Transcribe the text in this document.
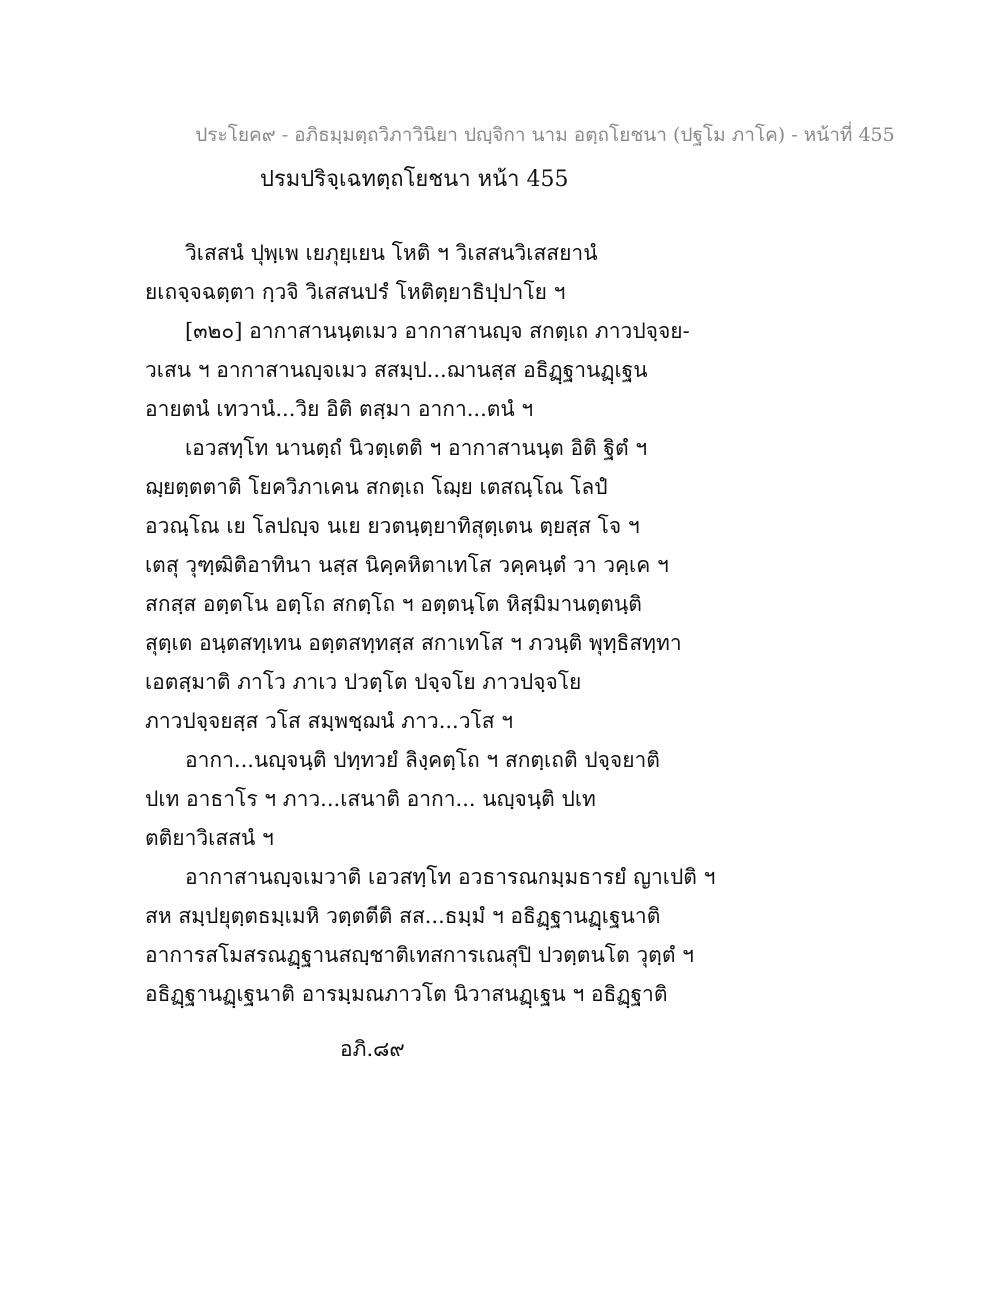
ประโยค๙ - อภิธมฺมตฺถวิภาวินิยา ปญฺจิกา นาม อตฺถโยชนา (ปฐโม ภาโค) - หน้าที่ 455
ปรมปริจฺเฉทตฺถโยชนา หน้า 455
วิเสสนํ ปุพฺเพ เยภุยฺเยน โหติ ฯ วิเสสนวิเสสยานํ
ยเถจฺจฉตฺตา กฺวจิ วิเสสนปรํ โหติตฺยาธิปฺปาโย ฯ
[๓๒๐] อากาสานนฺตเมว อากาสานญฺจ สกตฺเถ ภาวปจฺจย-
วเสน ฯ อากาสานญฺจเมว สสมฺป...ฌานสฺส อธิฏฺฐานฏฺเฐน
อายตนํ เทวานํ...วิย อิติ ตสฺมา อากา...ตนํ ฯ
เอวสทฺโท นานตฺถํ นิวตฺเตติ ฯ อากาสานนฺต อิติ ฐิตํ ฯ
ฌฺยตฺตตาติ โยควิภาเคน สกตฺเถ โฌฺย เตสณฺโณ โลปํ
อวณฺโณ เย โลปญฺจ นเย ยวตนฺตฺยาทิสุตฺเตน ตฺยสฺส โจ ฯ
เตสุ วุฑฺฒิติอาทินา นสฺส นิคฺคหิตาเทโส วคฺคนฺตํ วา วคฺเค ฯ
สกสฺส อตฺตโน อตฺโถ สกตฺโถ ฯ อตฺตนฺโต หิสฺมิมานตฺตนฺติ
สุตฺเต อนฺตสทฺเทน อตฺตสทฺทสฺส สกาเทโส ฯ ภวนฺติ พุทฺธิสทฺทา
เอตสฺมาติ ภาโว ภาเว ปวตฺโต ปจฺจโย ภาวปจฺจโย
ภาวปจฺจยสฺส วโส สมฺพชฺฌนํ ภาว...วโส ฯ
อากา...นญฺจนฺติ ปทฺทวยํ ลิงฺคตฺโถ ฯ สกตฺเถติ ปจฺจยาติ
ปเท อาธาโร ฯ ภาว...เสนาติ อากา... นญฺจนฺติ ปเท
ตติยาวิเสสนํ ฯ
อากาสานญฺจเมวาติ เอวสทฺโท อวธารณกมฺมธารยํ ญาเปติ ฯ
สห สมฺปยุตฺตธมฺเมหิ วตฺตตีติ สส...ธมฺมํ ฯ อธิฏฺฐานฏฺเฐนาติ
อาการสโมสรณฏฺฐานสญฺชาติเทสการเณสุปิ ปวตฺตนโต วุตฺตํ ฯ
อธิฏฺฐานฏฺเฐนาติ อารมฺมณภาวโต นิวาสนฏฺเฐน ฯ อธิฏฺฐาติ
อภิ.๘๙
